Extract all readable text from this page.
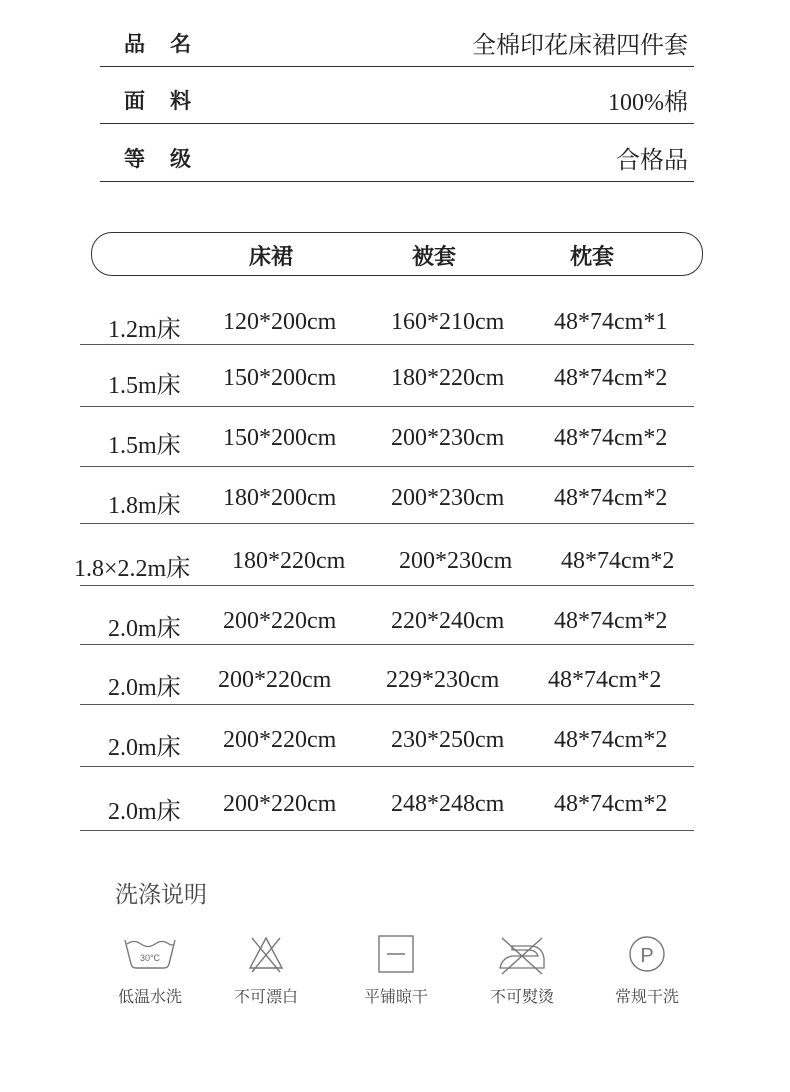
品 名	全棉印花床裙四件套
面 料	100%棉
等 级	合格品
床裙	被套	枕套
1.2m床 120*200cm 160*210cm 48*74cm*1
1.5m床 150*200cm 180*220cm 48*74cm*2
1.5m床 150*200cm 200*230cm 48*74cm*2
1.8m床 180*200cm 200*230cm 48*74cm*2
1.8×2.2m床 180*220cm 200*230cm 48*74cm*2
2.0m床 200*220cm 220*240cm 48*74cm*2
2.0m床 200*220cm 229*230cm 48*74cm*2
2.0m床 200*220cm 230*250cm 48*74cm*2
2.0m床 200*220cm 248*248cm 48*74cm*2
洗涤说明
30°C
低温水洗	不可漂白	平铺晾干	不可熨烫
P
常规干洗
